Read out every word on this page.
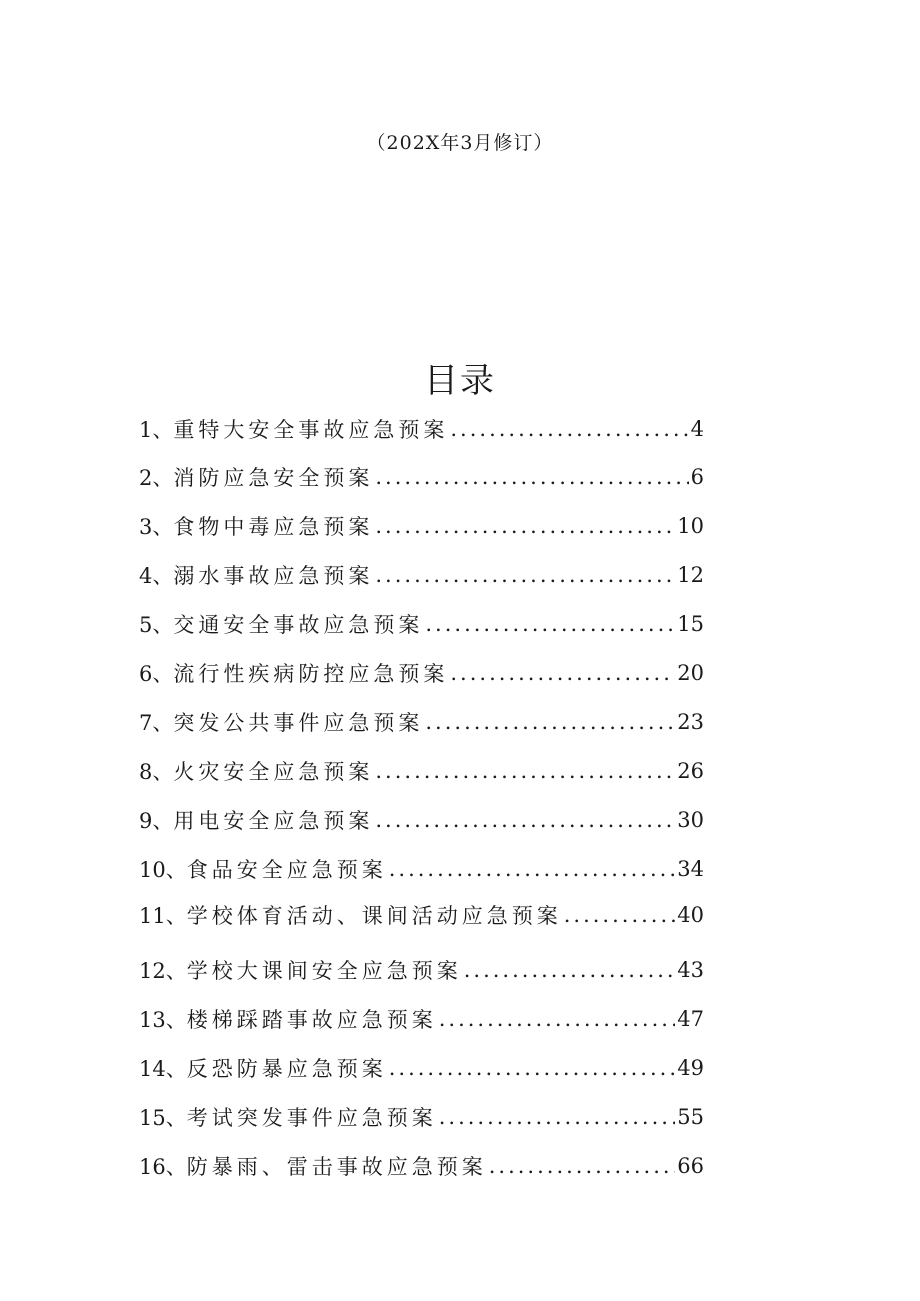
（202X年3月修订）

目录
1、 重特大安全事故应急预案 .....	4
2、 消防应急安全预案 .....	6
3、 食物中毒应急预案 .....	10
4、 溺水事故应急预案 .....	12
5、 交通安全事故应急预案 .....	15
6、 流行性疾病防控应急预案 .....	20
7、 突发公共事件应急预案 .....	23
8、 火灾安全应急预案 .....	26
9、 用电安全应急预案 .....	30
10、 食品安全应急预案 .....	34
11、 学校体育活动、课间活动应急预案 .....	40
12、 学校大课间安全应急预案 .....	43
13、 楼梯踩踏事故应急预案 .....	47
14、 反恐防暴应急预案 .....	49
15、 考试突发事件应急预案 .....	55
16、 防暴雨、雷击事故应急预案 .....	66
